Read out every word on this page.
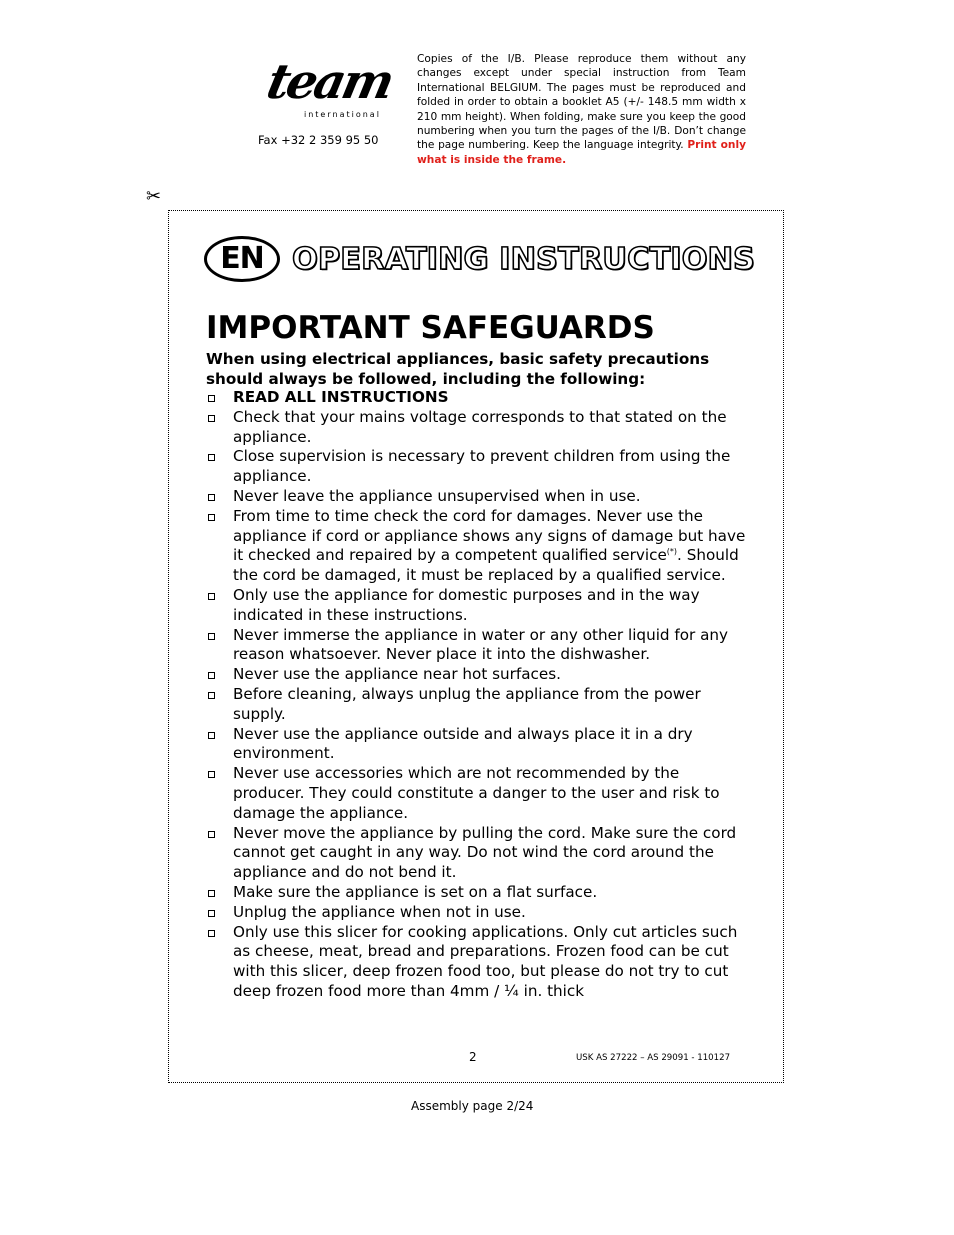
team
international
Fax +32 2 359 95 50
Copies of the I/B. Please reproduce them without any changes except under special instruction from Team International BELGIUM. The pages must be reproduced and folded in order to obtain a booklet A5 (+/- 148.5 mm width x 210 mm height). When folding, make sure you keep the good numbering when you turn the pages of the I/B. Don’t change the page numbering. Keep the language integrity. Print only what is inside the frame.
✂
EN OPERATING INSTRUCTIONS
IMPORTANT SAFEGUARDS
When using electrical appliances, basic safety precautions should always be followed, including the following:
READ ALL INSTRUCTIONS
Check that your mains voltage corresponds to that stated on the appliance.
Close supervision is necessary to prevent children from using the appliance.
Never leave the appliance unsupervised when in use.
From time to time check the cord for damages. Never use the appliance if cord or appliance shows any signs of damage but have it checked and repaired by a competent qualified service(*). Should the cord be damaged, it must be replaced by a qualified service.
Only use the appliance for domestic purposes and in the way indicated in these instructions.
Never immerse the appliance in water or any other liquid for any reason whatsoever. Never place it into the dishwasher.
Never use the appliance near hot surfaces.
Before cleaning, always unplug the appliance from the power supply.
Never use the appliance outside and always place it in a dry environment.
Never use accessories which are not recommended by the producer. They could constitute a danger to the user and risk to damage the appliance.
Never move the appliance by pulling the cord. Make sure the cord cannot get caught in any way. Do not wind the cord around the appliance and do not bend it.
Make sure the appliance is set on a flat surface.
Unplug the appliance when not in use.
Only use this slicer for cooking applications. Only cut articles such as cheese, meat, bread and preparations. Frozen food can be cut with this slicer, deep frozen food too, but please do not try to cut deep frozen food more than 4mm / ¼ in. thick
2	USK AS 27222 – AS 29091 - 110127
Assembly page 2/24
